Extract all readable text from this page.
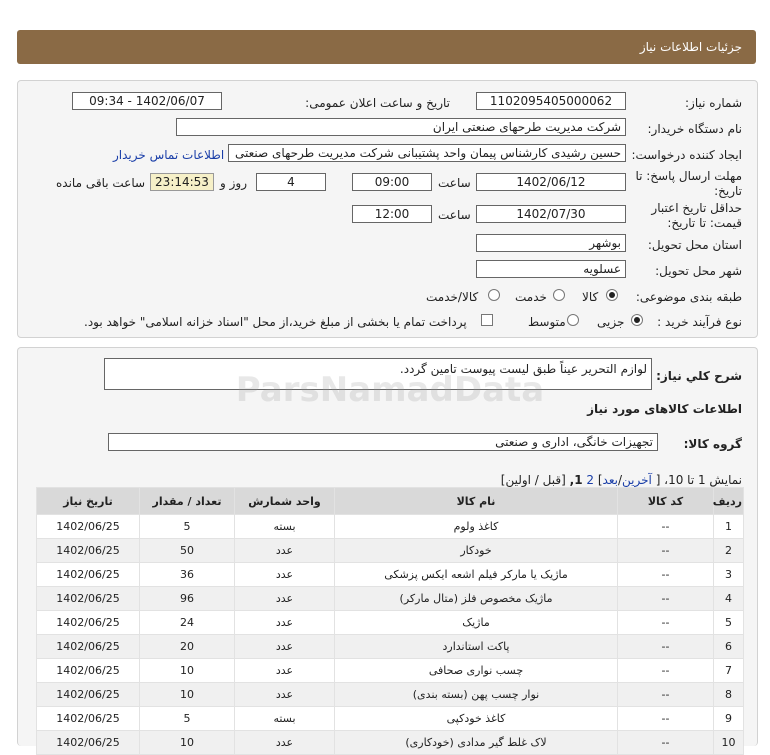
جزئیات اطلاعات نیاز
شماره نیاز:
1102095405000062
تاریخ و ساعت اعلان عمومی:
1402/06/07 - 09:34
نام دستگاه خریدار:
شرکت مدیریت طرحهای صنعتی ایران
ایجاد کننده درخواست:
حسین رشیدی کارشناس پیمان واحد پشتیبانی شرکت مدیریت طرحهای صنعتی
اطلاعات تماس خریدار
مهلت ارسال پاسخ: تا
تاریخ:
1402/06/12
ساعت
09:00
4
روز و
23:14:53
ساعت باقی مانده
حداقل تاریخ اعتبار
قیمت: تا تاریخ:
1402/07/30
ساعت
12:00
استان محل تحویل:
بوشهر
شهر محل تحویل:
عسلویه
طبقه بندی موضوعی:
کالا
خدمت
کالا/خدمت
نوع فرآیند خرید :
جزیی
متوسط
پرداخت تمام یا بخشی از مبلغ خرید،از محل "اسناد خزانه اسلامی" خواهد بود.
شرح كلي نياز:
لوازم التحریر عیناً طبق لیست پیوست تامین گردد.
اطلاعات کالاهای مورد نیاز
گروه کالا:
تجهیزات خانگی، اداری و صنعتی
نمایش 1 تا 10، [ آخرین/بعد] 2 1, [قبل / اولین]
ردیف	کد کالا	نام کالا	واحد شمارش	تعداد / مقدار	تاریخ نیاز
1	--	کاغذ ولوم	بسته	5	1402/06/25
2	--	خودکار	عدد	50	1402/06/25
3	--	ماژیک یا مارکر فیلم اشعه ایکس پزشکی	عدد	36	1402/06/25
4	--	ماژیک مخصوص فلز (متال مارکر)	عدد	96	1402/06/25
5	--	ماژیک	عدد	24	1402/06/25
6	--	پاکت استاندارد	عدد	20	1402/06/25
7	--	چسب نواری صحافی	عدد	10	1402/06/25
8	--	نوار چسب پهن (بسته بندی)	عدد	10	1402/06/25
9	--	کاغذ خودکپی	بسته	5	1402/06/25
10	--	لاک غلط گیر مدادی (خودکاری)	عدد	10	1402/06/25
ParsNamadData
